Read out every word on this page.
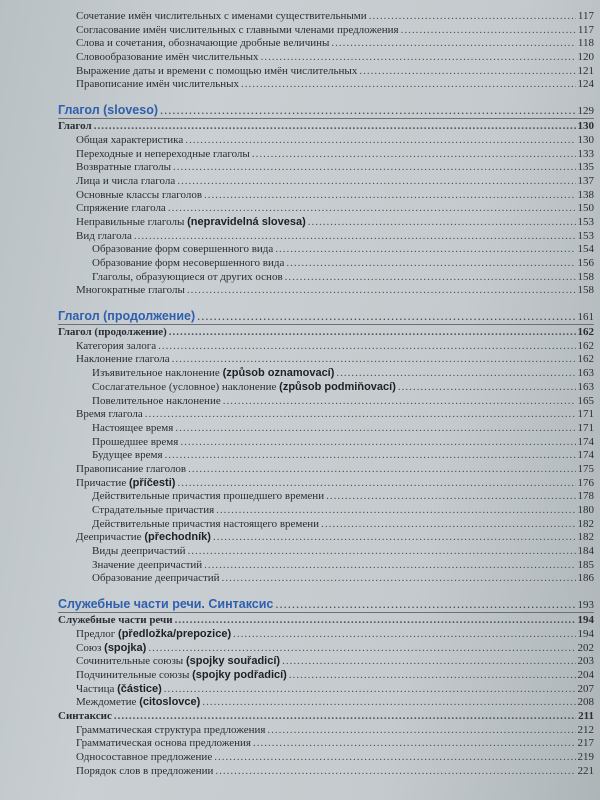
Сочетание имён числительных с именами существительными .....	117
Согласование имён числительных с главными членами предложения .....	117
Слова и сочетания, обозначающие дробные величины .....	118
Словообразование имён числительных .....	120
Выражение даты и времени с помощью имён числительных .....	121
Правописание имён числительных .....	124
Глагол (sloveso) .....	129
Глагол .....	130
Общая характеристика .....	130
Переходные и непереходные глаголы .....	133
Возвратные глаголы .....	135
Лица и числа глагола .....	137
Основные классы глаголов .....	138
Спряжение глагола .....	150
Неправильные глаголы (nepravidelná slovesa) .....	153
Вид глагола .....	153
Образование форм совершенного вида .....	154
Образование форм несовершенного вида .....	156
Глаголы, образующиеся от других основ .....	158
Многократные глаголы .....	158
Глагол (продолжение) .....	161
Глагол (продолжение) .....	162
Категория залога .....	162
Наклонение глагола .....	162
Изъявительное наклонение (způsob oznamovací) .....	163
Сослагательное (условное) наклонение (způsob podmiňovací) .....	163
Повелительное наклонение .....	165
Время глагола .....	171
Настоящее время .....	171
Прошедшее время .....	174
Будущее время .....	174
Правописание глаголов .....	175
Причастие (příčesti) .....	176
Действительные причастия прошедшего времени .....	178
Страдательные причастия .....	180
Действительные причастия настоящего времени .....	182
Деепричастие (přechodník) .....	182
Виды деепричастий .....	184
Значение деепричастий .....	185
Образование деепричастий .....	186
Служебные части речи. Синтаксис .....	193
Служебные части речи .....	194
Предлог (předložka/prepozice) .....	194
Союз (spojka) .....	202
Сочинительные союзы (spojky souřadicí) .....	203
Подчинительные союзы (spojky podřadicí) .....	204
Частица (částice) .....	207
Междометие (citoslovce) .....	208
Синтаксис .....	211
Грамматическая структура предложения .....	212
Грамматическая основа предложения .....	217
Односоставное предложение .....	219
Порядок слов в предложении .....	221
